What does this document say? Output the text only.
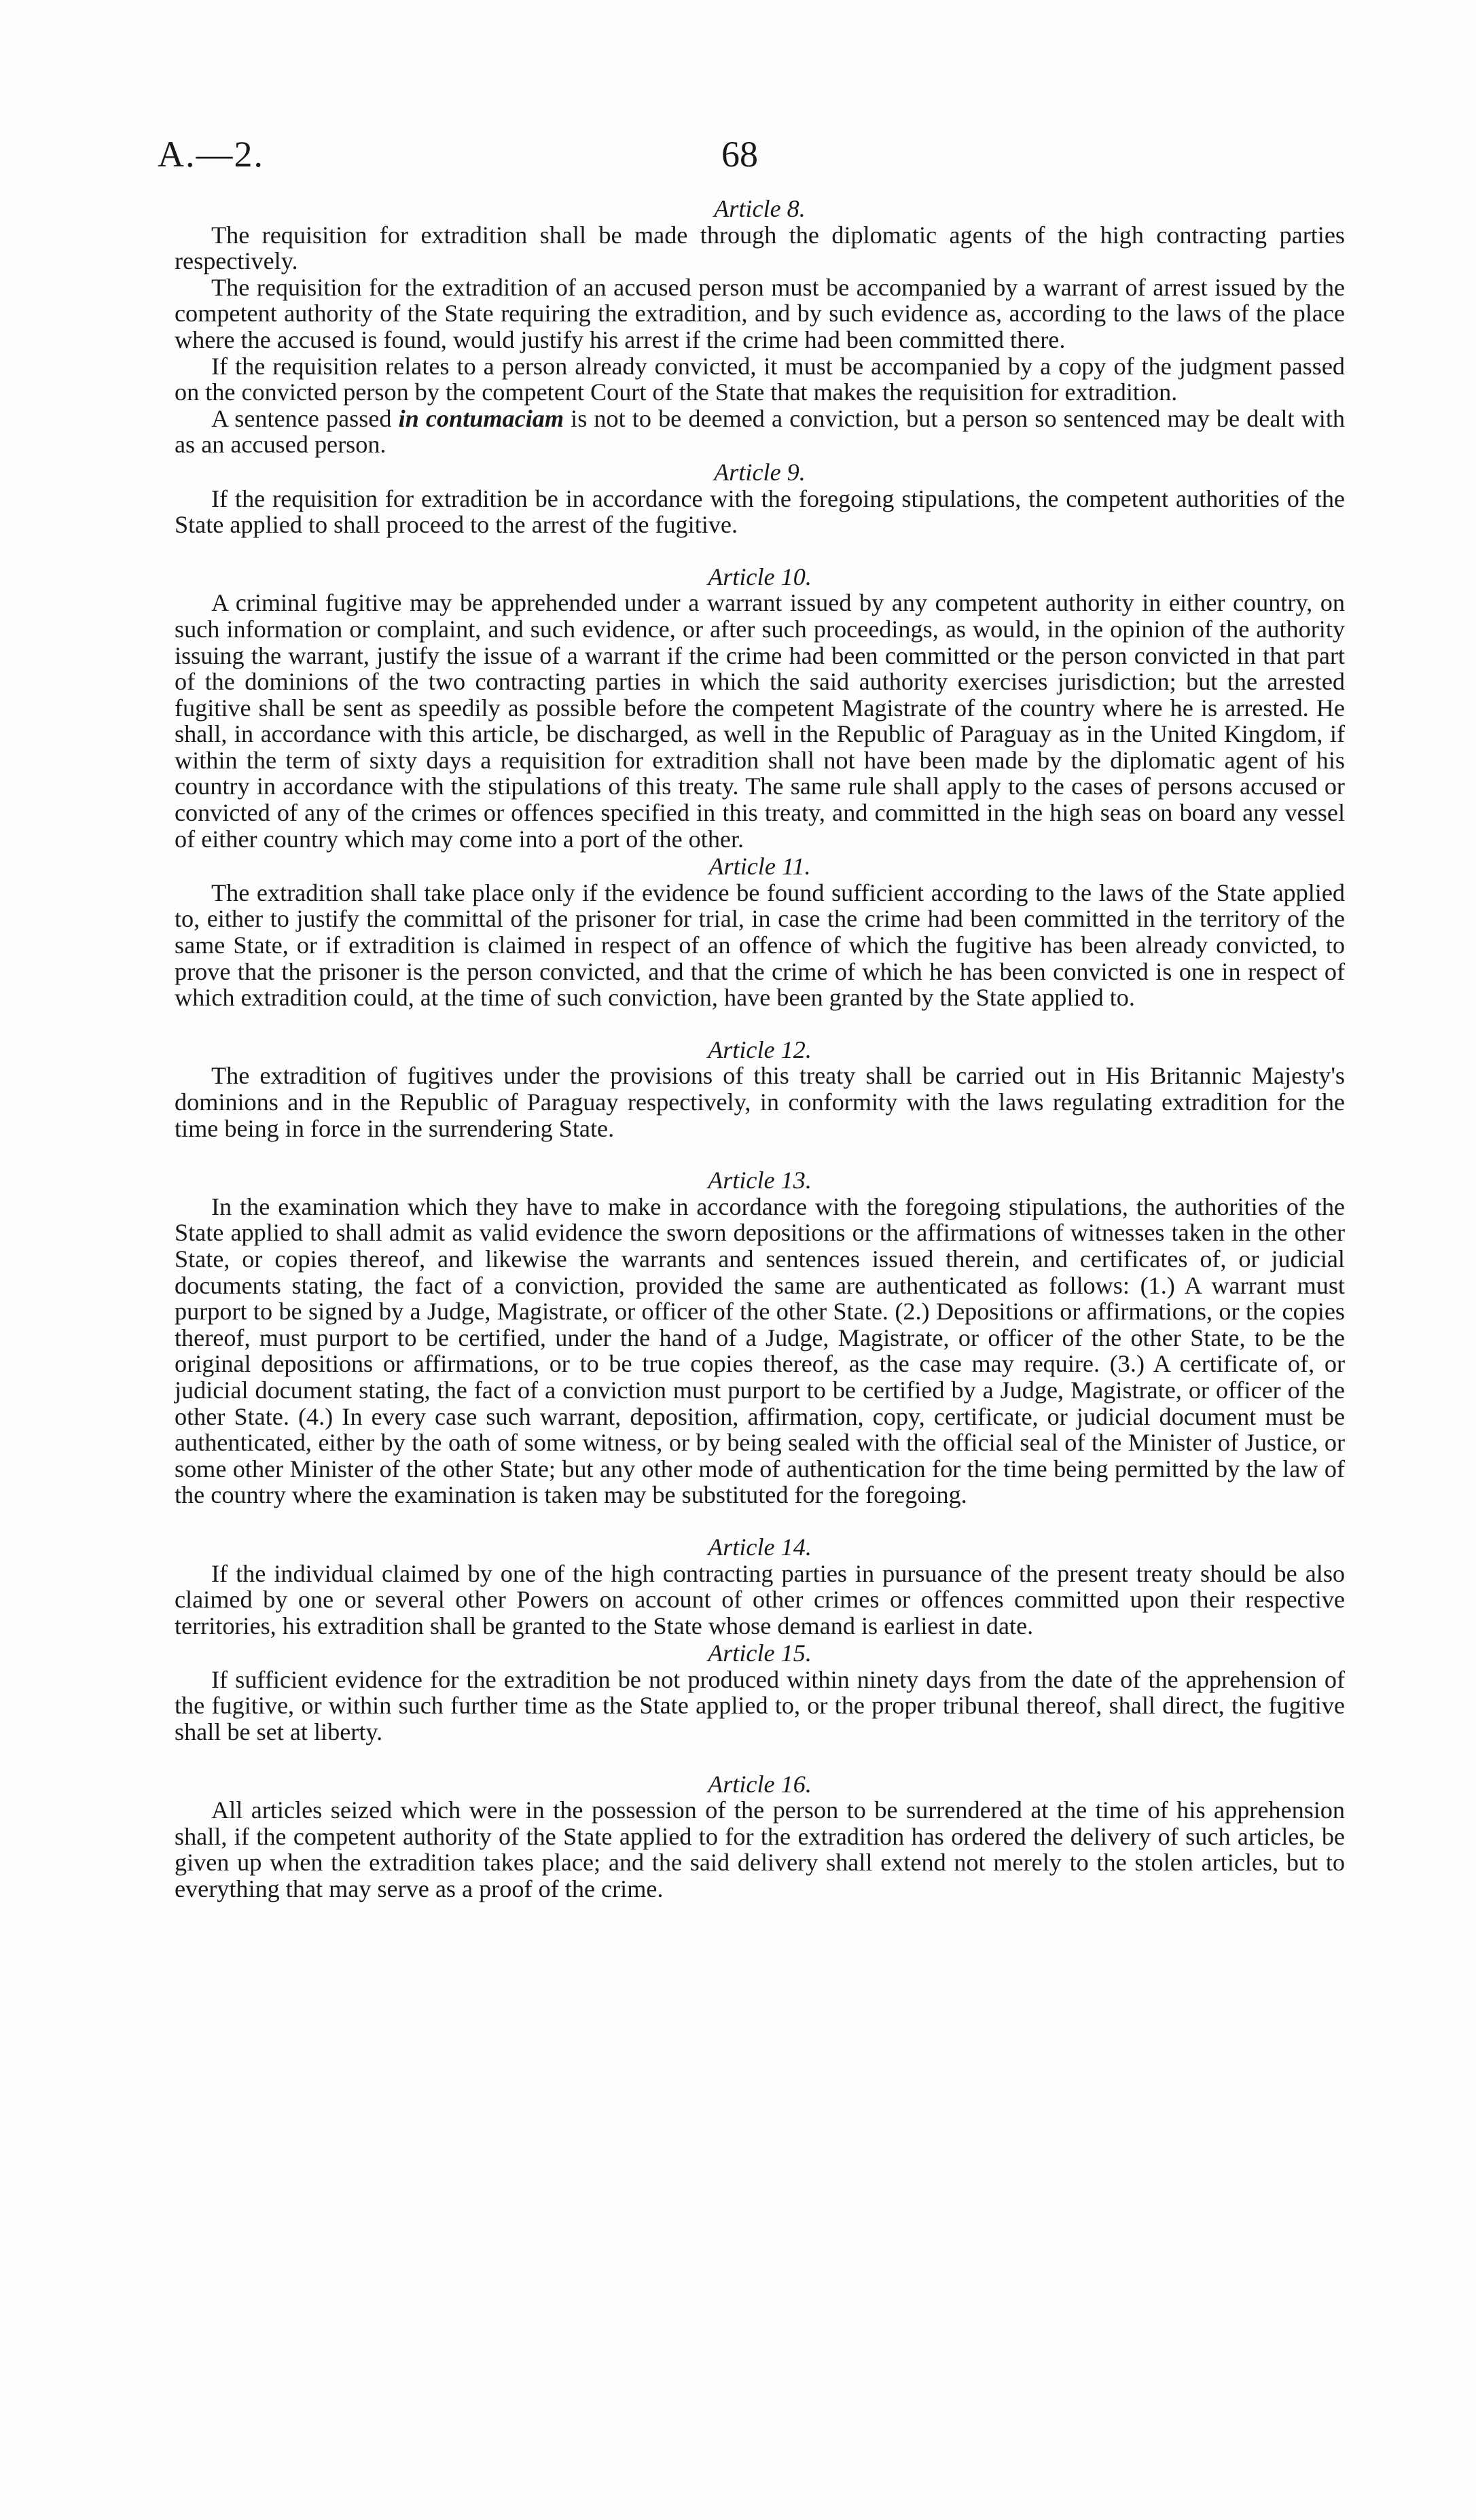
A.—2.	68
Article 8.

The requisition for extradition shall be made through the diplomatic agents of the high contracting parties respectively.

The requisition for the extradition of an accused person must be accompanied by a warrant of arrest issued by the competent authority of the State requiring the extradition, and by such evidence as, according to the laws of the place where the accused is found, would justify his arrest if the crime had been committed there.

If the requisition relates to a person already convicted, it must be accompanied by a copy of the judgment passed on the convicted person by the competent Court of the State that makes the requisition for extradition.

A sentence passed in contumaciam is not to be deemed a conviction, but a person so sentenced may be dealt with as an accused person.

Article 9.

If the requisition for extradition be in accordance with the foregoing stipulations, the competent authorities of the State applied to shall proceed to the arrest of the fugitive.

Article 10.

A criminal fugitive may be apprehended under a warrant issued by any competent authority in either country, on such information or complaint, and such evidence, or after such proceedings, as would, in the opinion of the authority issuing the warrant, justify the issue of a warrant if the crime had been committed or the person convicted in that part of the dominions of the two contracting parties in which the said authority exercises jurisdiction; but the arrested fugitive shall be sent as speedily as possible before the competent Magistrate of the country where he is arrested. He shall, in accordance with this article, be discharged, as well in the Republic of Paraguay as in the United Kingdom, if within the term of sixty days a requisition for extradition shall not have been made by the diplomatic agent of his country in accordance with the stipulations of this treaty. The same rule shall apply to the cases of persons accused or convicted of any of the crimes or offences specified in this treaty, and committed in the high seas on board any vessel of either country which may come into a port of the other.

Article 11.

The extradition shall take place only if the evidence be found sufficient according to the laws of the State applied to, either to justify the committal of the prisoner for trial, in case the crime had been committed in the territory of the same State, or if extradition is claimed in respect of an offence of which the fugitive has been already convicted, to prove that the prisoner is the person convicted, and that the crime of which he has been convicted is one in respect of which extradition could, at the time of such conviction, have been granted by the State applied to.

Article 12.

The extradition of fugitives under the provisions of this treaty shall be carried out in His Britannic Majesty's dominions and in the Republic of Paraguay respectively, in conformity with the laws regulating extradition for the time being in force in the surrendering State.

Article 13.

In the examination which they have to make in accordance with the foregoing stipulations, the authorities of the State applied to shall admit as valid evidence the sworn depositions or the affirmations of witnesses taken in the other State, or copies thereof, and likewise the warrants and sentences issued therein, and certificates of, or judicial documents stating, the fact of a conviction, provided the same are authenticated as follows: (1.) A warrant must purport to be signed by a Judge, Magistrate, or officer of the other State. (2.) Depositions or affirmations, or the copies thereof, must purport to be certified, under the hand of a Judge, Magistrate, or officer of the other State, to be the original depositions or affirmations, or to be true copies thereof, as the case may require. (3.) A certificate of, or judicial document stating, the fact of a conviction must purport to be certified by a Judge, Magistrate, or officer of the other State. (4.) In every case such warrant, deposition, affirmation, copy, certificate, or judicial document must be authenticated, either by the oath of some witness, or by being sealed with the official seal of the Minister of Justice, or some other Minister of the other State; but any other mode of authentication for the time being permitted by the law of the country where the examination is taken may be substituted for the foregoing.

Article 14.

If the individual claimed by one of the high contracting parties in pursuance of the present treaty should be also claimed by one or several other Powers on account of other crimes or offences committed upon their respective territories, his extradition shall be granted to the State whose demand is earliest in date.

Article 15.

If sufficient evidence for the extradition be not produced within ninety days from the date of the apprehension of the fugitive, or within such further time as the State applied to, or the proper tribunal thereof, shall direct, the fugitive shall be set at liberty.

Article 16.

All articles seized which were in the possession of the person to be surrendered at the time of his apprehension shall, if the competent authority of the State applied to for the extradition has ordered the delivery of such articles, be given up when the extradition takes place; and the said delivery shall extend not merely to the stolen articles, but to everything that may serve as a proof of the crime.
